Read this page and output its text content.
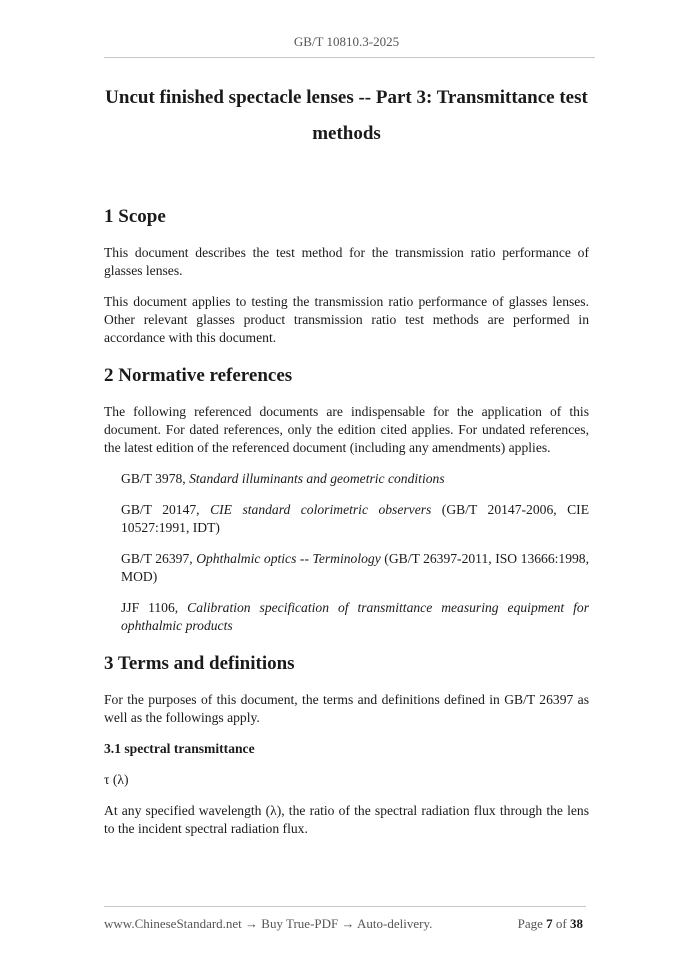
GB/T 10810.3-2025
Uncut finished spectacle lenses -- Part 3: Transmittance test
methods
1 Scope

This document describes the test method for the transmission ratio performance of glasses lenses.

This document applies to testing the transmission ratio performance of glasses lenses. Other relevant glasses product transmission ratio test methods are performed in accordance with this document.

2 Normative references

The following referenced documents are indispensable for the application of this document. For dated references, only the edition cited applies. For undated references, the latest edition of the referenced document (including any amendments) applies.

GB/T 3978, Standard illuminants and geometric conditions

GB/T 20147, CIE standard colorimetric observers (GB/T 20147-2006, CIE 10527:1991, IDT)

GB/T 26397, Ophthalmic optics -- Terminology (GB/T 26397-2011, ISO 13666:1998, MOD)

JJF 1106, Calibration specification of transmittance measuring equipment for ophthalmic products

3 Terms and definitions

For the purposes of this document, the terms and definitions defined in GB/T 26397 as well as the followings apply.

3.1 spectral transmittance

τ (λ)

At any specified wavelength (λ), the ratio of the spectral radiation flux through the lens to the incident spectral radiation flux.

www.ChineseStandard.net → Buy True-PDF → Auto-delivery.	Page 7 of 38
